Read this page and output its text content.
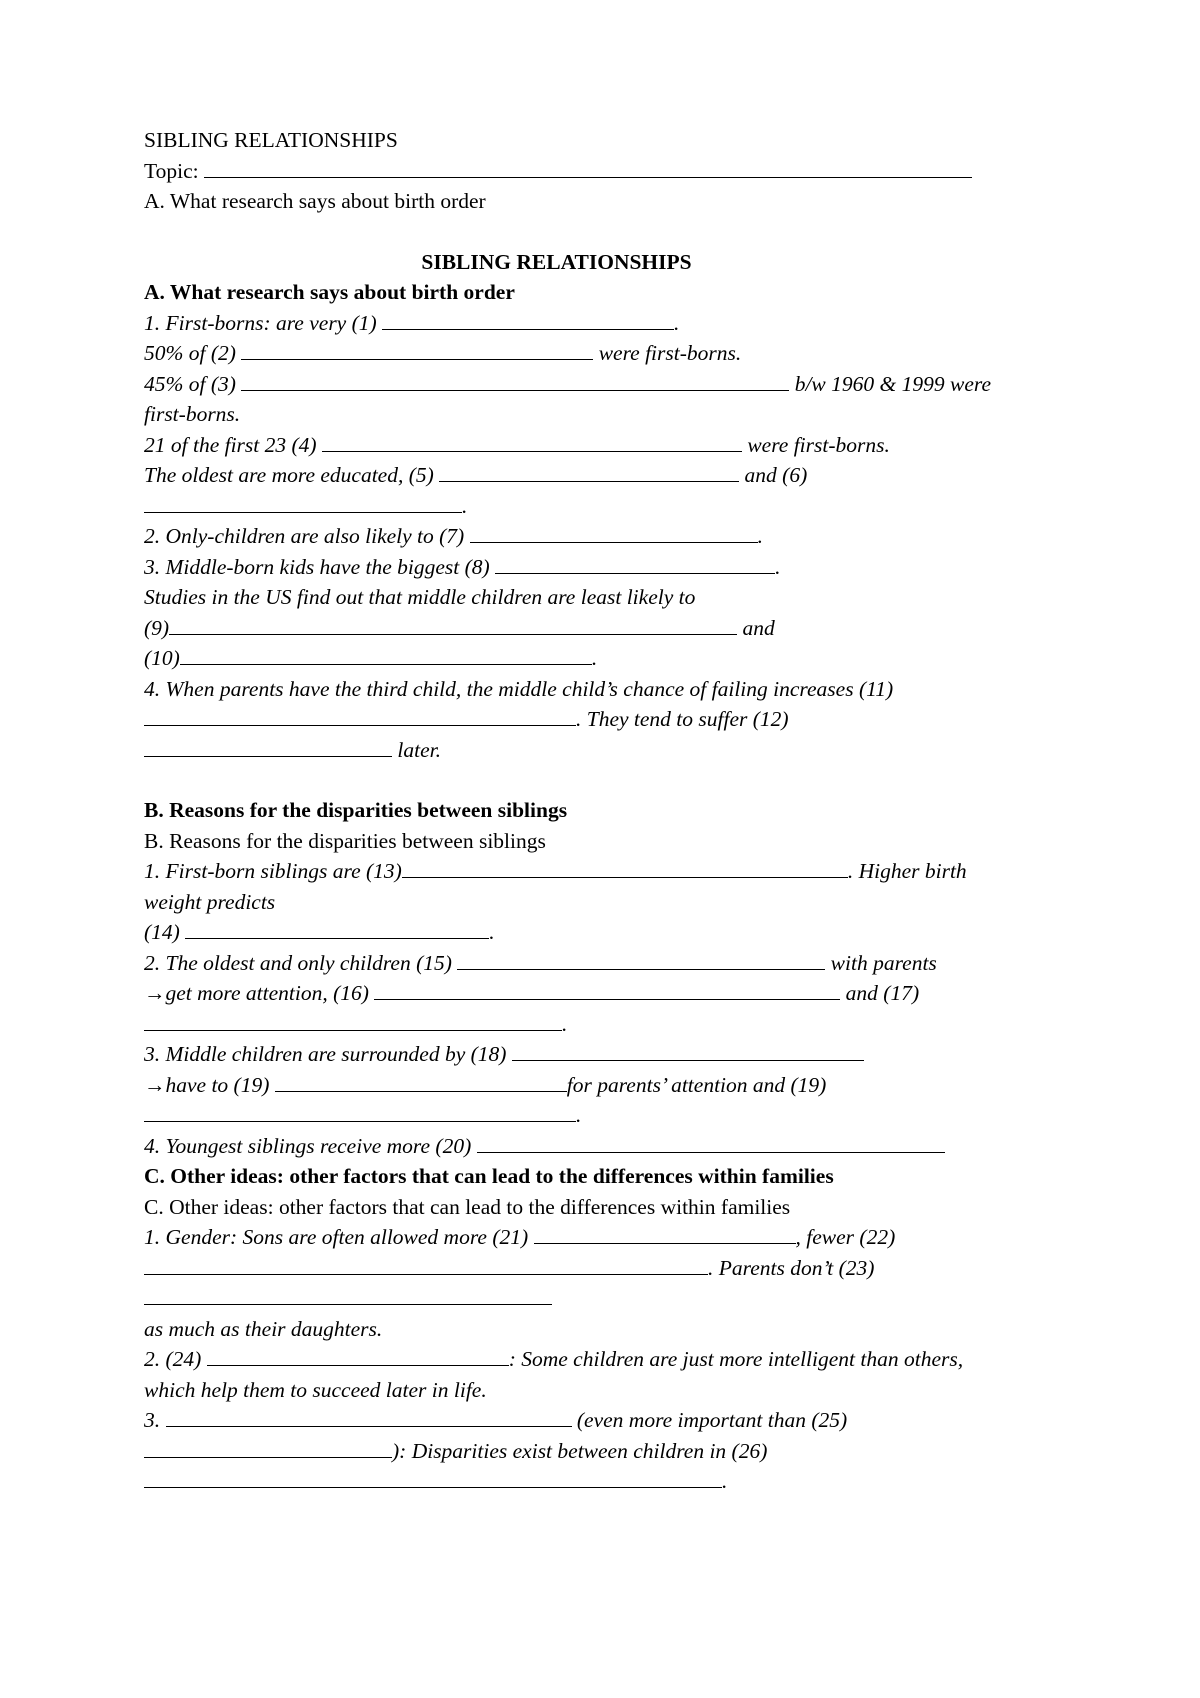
SIBLING RELATIONSHIPS
Topic:
A. What research says about birth order
SIBLING RELATIONSHIPS
A. What research says about birth order
1. First-borns: are very (1)	.
50% of (2)	were first-borns.
45% of (3)	b/w 1960 & 1999 were
first-borns.
21 of the first 23 (4)	were first-borns.
The oldest are more educated, (5)	and (6)
.
2. Only-children are also likely to (7)	.
3. Middle-born kids have the biggest (8)	.
Studies in the US find out that middle children are least likely to
(9)	and
(10)	.
4. When parents have the third child, the middle child’s chance of failing increases (11)
. They tend to suffer (12)
later.
B. Reasons for the disparities between siblings
B. Reasons for the disparities between siblings
1. First-born siblings are (13)	. Higher birth
weight predicts
(14)	.
2. The oldest and only children (15)	with parents
→get more attention, (16)	and (17)
.
3. Middle children are surrounded by (18)
→have to (19)	for parents’ attention and (19)
.
4. Youngest siblings receive more (20)
C. Other ideas: other factors that can lead to the differences within families
C. Other ideas: other factors that can lead to the differences within families
1. Gender: Sons are often allowed more (21)	, fewer (22)
. Parents don’t (23)
as much as their daughters.
2. (24)	: Some children are just more intelligent than others,
which help them to succeed later in life.
3.	(even more important than (25)
): Disparities exist between children in (26)
.
